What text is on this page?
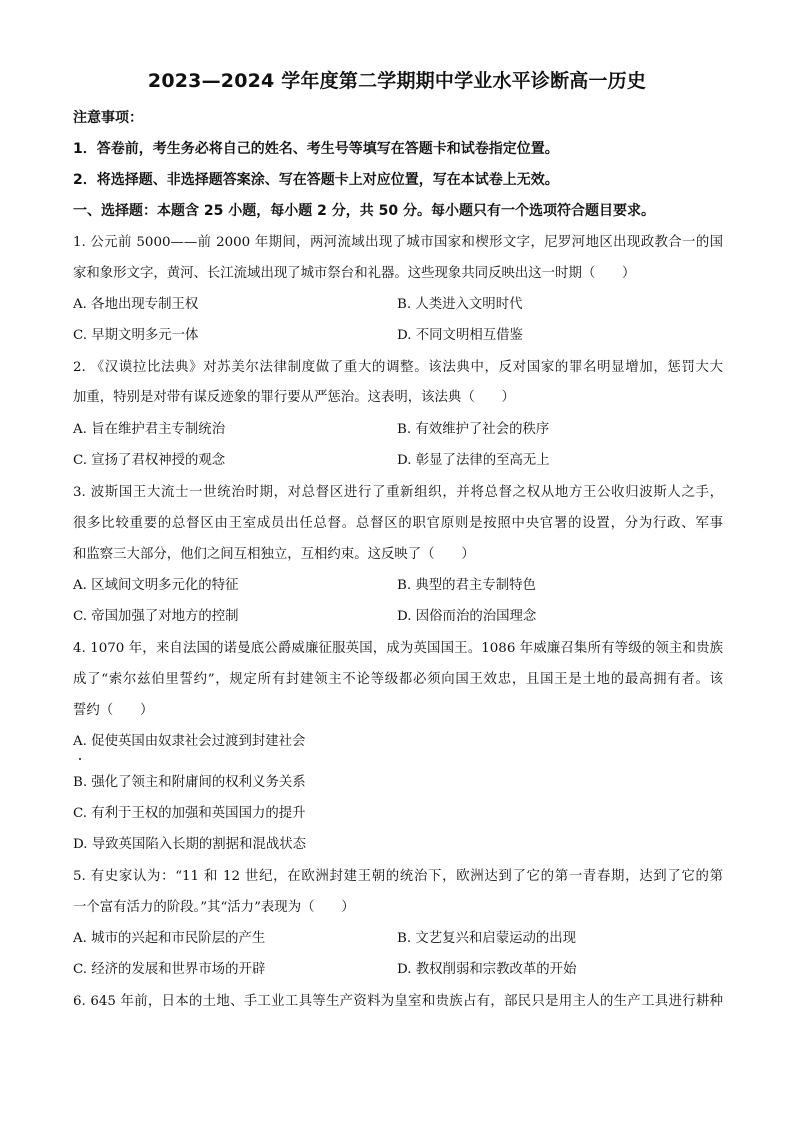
2023—2024 学年度第二学期期中学业水平诊断高一历史
注意事项：
1．答卷前，考生务必将自己的姓名、考生号等填写在答题卡和试卷指定位置。
2．将选择题、非选择题答案涂、写在答题卡上对应位置，写在本试卷上无效。
一、选择题：本题含 25 小题，每小题 2 分，共 50 分。每小题只有一个选项符合题目要求。
1. 公元前 5000——前 2000 年期间，两河流域出现了城市国家和楔形文字，尼罗河地区出现政教合一的国
家和象形文字，黄河、长江流域出现了城市祭台和礼器。这些现象共同反映出这一时期（　　）
A. 各地出现专制王权	B. 人类进入文明时代
C. 早期文明多元一体	D. 不同文明相互借鉴
2. 《汉谟拉比法典》对苏美尔法律制度做了重大的调整。该法典中，反对国家的罪名明显增加，惩罚大大
加重，特别是对带有谋反迹象的罪行要从严惩治。这表明，该法典（　　）
A. 旨在维护君主专制统治	B. 有效维护了社会的秩序
C. 宣扬了君权神授的观念	D. 彰显了法律的至高无上
3. 波斯国王大流士一世统治时期，对总督区进行了重新组织，并将总督之权从地方王公收归波斯人之手，
很多比较重要的总督区由王室成员出任总督。总督区的职官原则是按照中央官署的设置，分为行政、军事
和监察三大部分，他们之间互相独立，互相约束。这反映了（　　）
A. 区域间文明多元化的特征	B. 典型的君主专制特色
C. 帝国加强了对地方的控制	D. 因俗而治的治国理念
4. 1070 年，来自法国的诺曼底公爵威廉征服英国，成为英国国王。1086 年威廉召集所有等级的领主和贵族
成了“索尔兹伯里誓约”，规定所有封建领主不论等级都必须向国王效忠，且国王是土地的最高拥有者。该
誓约（　　）
A. 促使英国由奴隶社会过渡到封建社会
B. 强化了领主和附庸间的权利义务关系
C. 有利于王权的加强和英国国力的提升
D. 导致英国陷入长期的割据和混战状态
5. 有史家认为：“11 和 12 世纪，在欧洲封建王朝的统治下，欧洲达到了它的第一青春期，达到了它的第
一个富有活力的阶段。”其“活力”表现为（　　）
A. 城市的兴起和市民阶层的产生	B. 文艺复兴和启蒙运动的出现
C. 经济的发展和世界市场的开辟	D. 教权削弱和宗教改革的开始
6. 645 年前，日本的土地、手工业工具等生产资料为皇室和贵族占有，部民只是用主人的生产工具进行耕种
